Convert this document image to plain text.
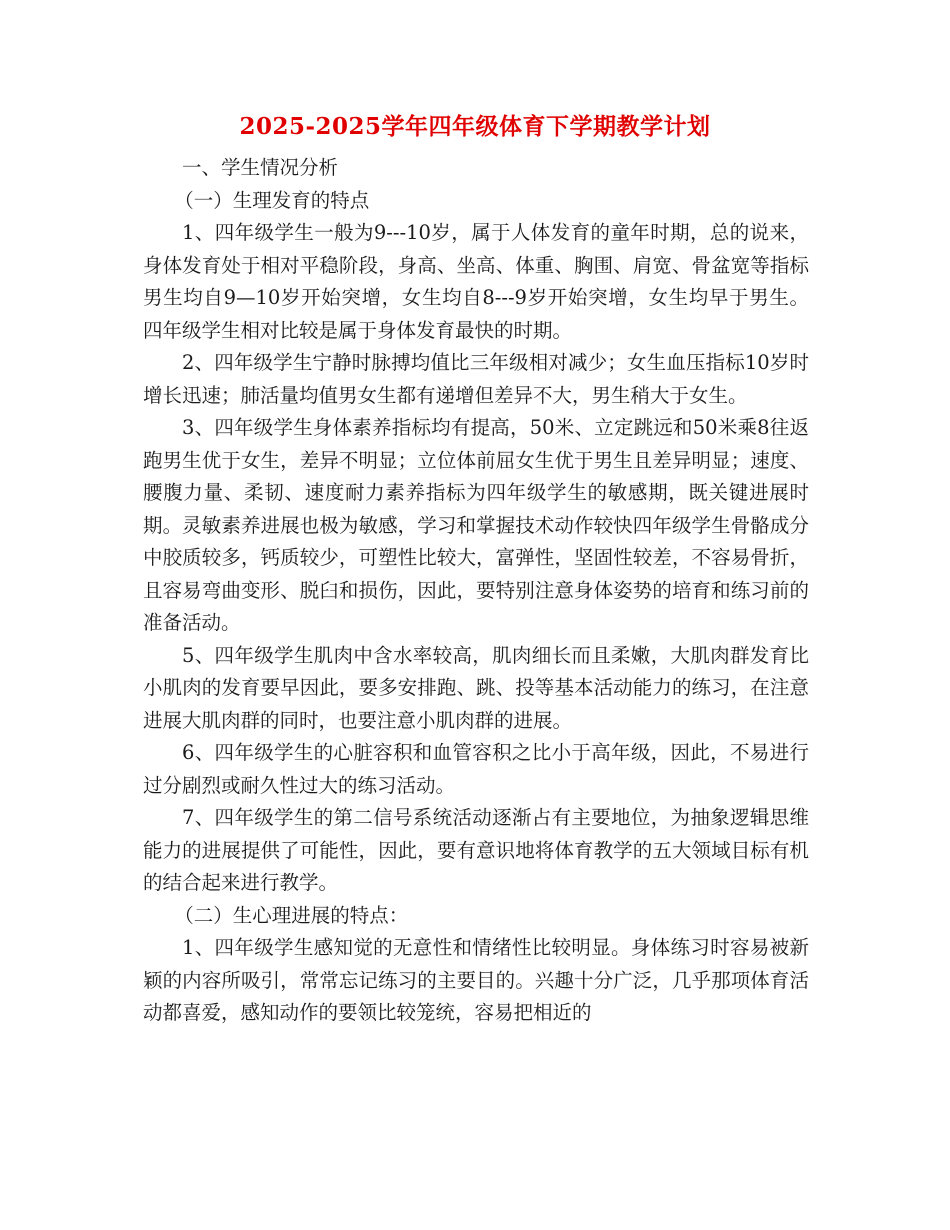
2025-2025学年四年级体育下学期教学计划

一、学生情况分析

（一）生理发育的特点

1、四年级学生一般为9---10岁，属于人体发育的童年时期，总的说来，身体发育处于相对平稳阶段，身高、坐高、体重、胸围、肩宽、骨盆宽等指标男生均自9—10岁开始突增，女生均自8---9岁开始突增，女生均早于男生。四年级学生相对比较是属于身体发育最快的时期。

2、四年级学生宁静时脉搏均值比三年级相对减少；女生血压指标10岁时增长迅速；肺活量均值男女生都有递增但差异不大，男生稍大于女生。

3、四年级学生身体素养指标均有提高，50米、立定跳远和50米乘8往返跑男生优于女生，差异不明显；立位体前屈女生优于男生且差异明显；速度、腰腹力量、柔韧、速度耐力素养指标为四年级学生的敏感期，既关键进展时期。灵敏素养进展也极为敏感，学习和掌握技术动作较快四年级学生骨骼成分中胶质较多，钙质较少，可塑性比较大，富弹性，坚固性较差，不容易骨折，且容易弯曲变形、脱臼和损伤，因此，要特别注意身体姿势的培育和练习前的准备活动。

5、四年级学生肌肉中含水率较高，肌肉细长而且柔嫩，大肌肉群发育比小肌肉的发育要早因此，要多安排跑、跳、投等基本活动能力的练习，在注意进展大肌肉群的同时，也要注意小肌肉群的进展。

6、四年级学生的心脏容积和血管容积之比小于高年级，因此，不易进行过分剧烈或耐久性过大的练习活动。

7、四年级学生的第二信号系统活动逐渐占有主要地位，为抽象逻辑思维能力的进展提供了可能性，因此，要有意识地将体育教学的五大领域目标有机的结合起来进行教学。

（二）生心理进展的特点：

1、四年级学生感知觉的无意性和情绪性比较明显。身体练习时容易被新颖的内容所吸引，常常忘记练习的主要目的。兴趣十分广泛，几乎那项体育活动都喜爱，感知动作的要领比较笼统，容易把相近的
